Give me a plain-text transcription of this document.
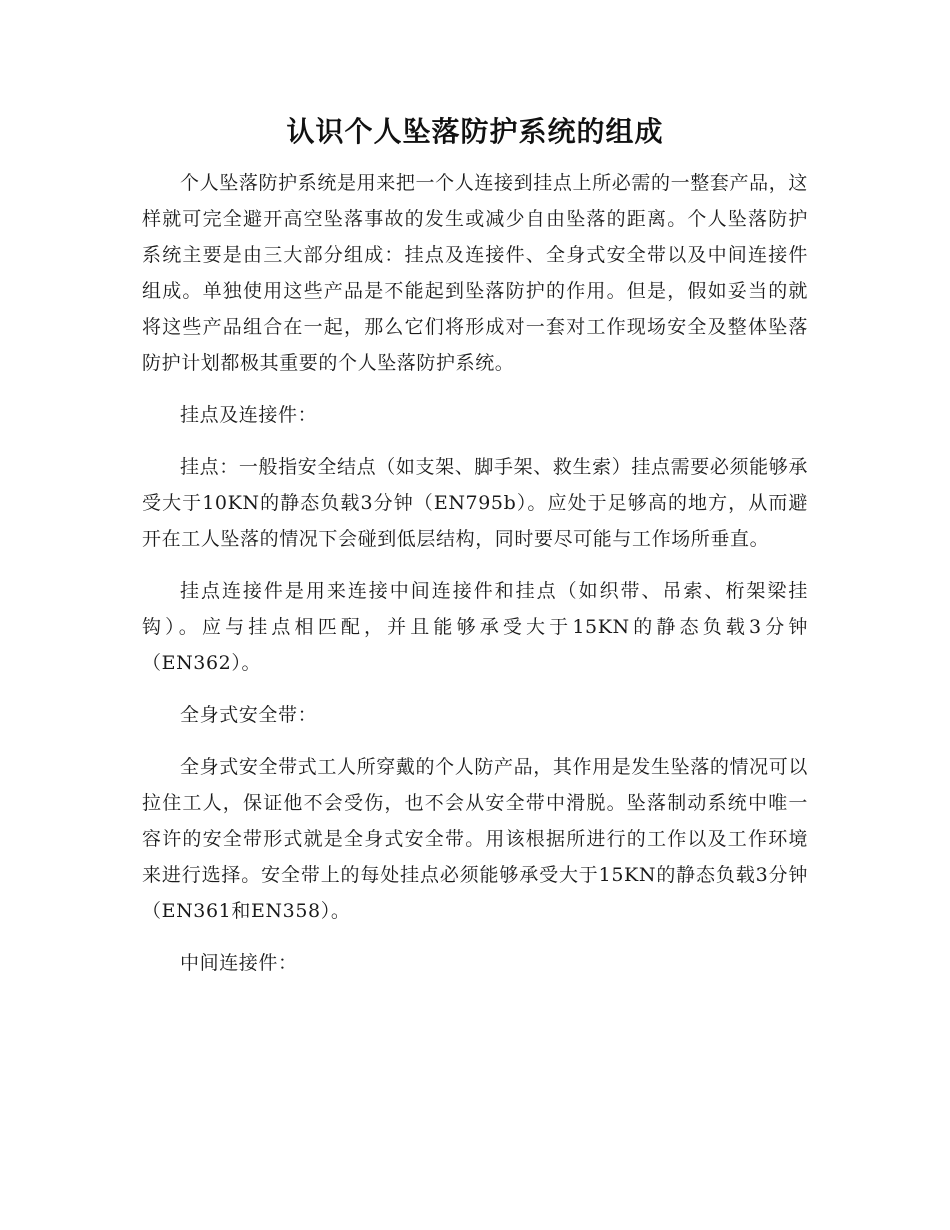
认识个人坠落防护系统的组成

个人坠落防护系统是用来把一个人连接到挂点上所必需的一整套产品，这样就可完全避开高空坠落事故的发生或减少自由坠落的距离。个人坠落防护系统主要是由三大部分组成：挂点及连接件、全身式安全带以及中间连接件组成。单独使用这些产品是不能起到坠落防护的作用。但是，假如妥当的就将这些产品组合在一起，那么它们将形成对一套对工作现场安全及整体坠落防护计划都极其重要的个人坠落防护系统。

挂点及连接件：

挂点：一般指安全结点（如支架、脚手架、救生索）挂点需要必须能够承受大于10KN的静态负载3分钟（EN795b）。应处于足够高的地方，从而避开在工人坠落的情况下会碰到低层结构，同时要尽可能与工作场所垂直。

挂点连接件是用来连接中间连接件和挂点（如织带、吊索、桁架梁挂钩）。应与挂点相匹配，并且能够承受大于15KN的静态负载3分钟（EN362）。

全身式安全带：

全身式安全带式工人所穿戴的个人防产品，其作用是发生坠落的情况可以拉住工人，保证他不会受伤，也不会从安全带中滑脱。坠落制动系统中唯一容许的安全带形式就是全身式安全带。用该根据所进行的工作以及工作环境来进行选择。安全带上的每处挂点必须能够承受大于15KN的静态负载3分钟（EN361和EN358）。

中间连接件：
